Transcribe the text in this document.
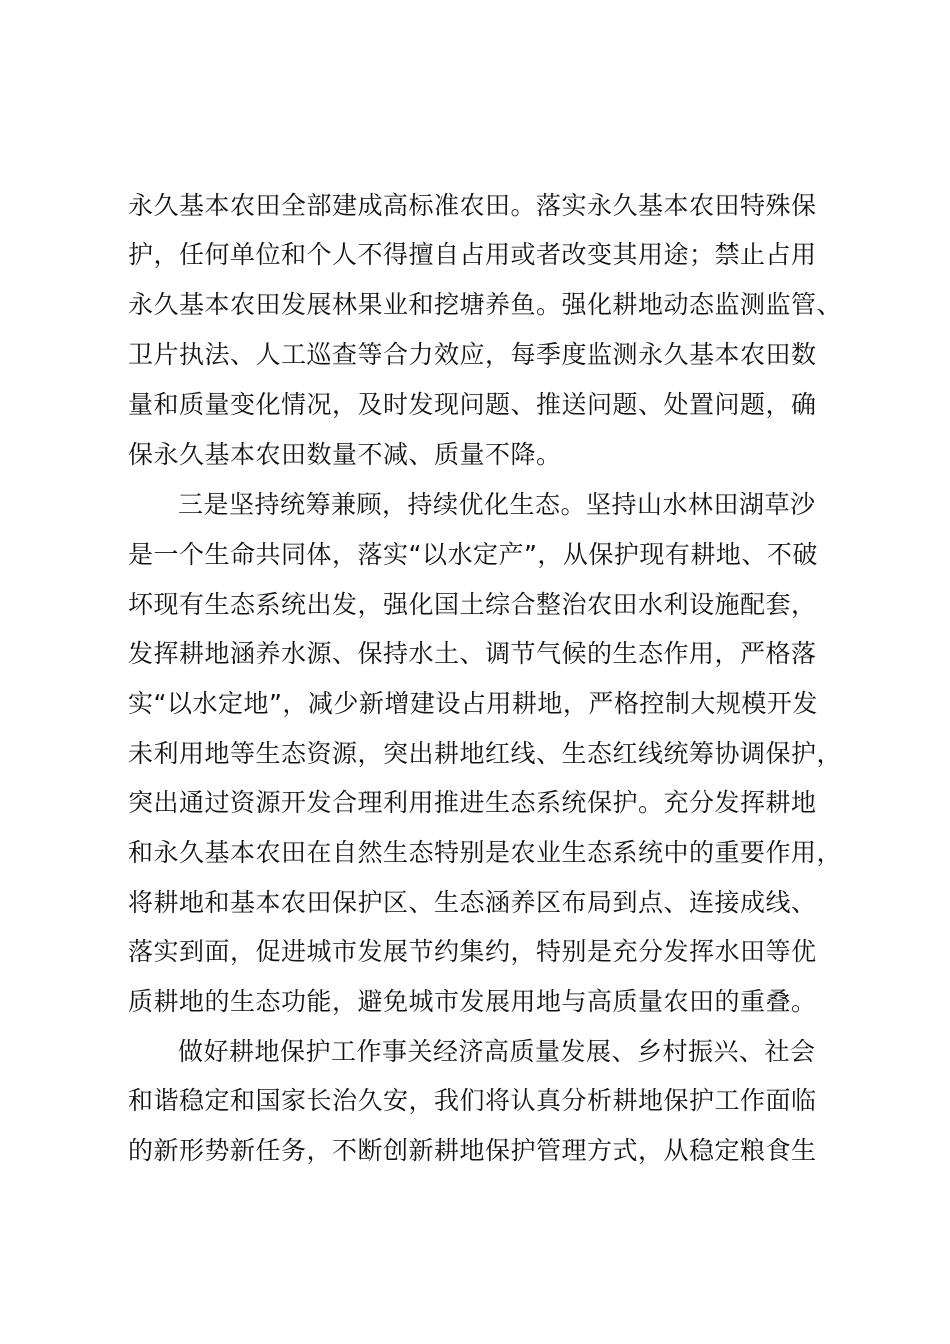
永久基本农田全部建成高标准农田。落实永久基本农田特殊保
护，任何单位和个人不得擅自占用或者改变其用途；禁止占用
永久基本农田发展林果业和挖塘养鱼。强化耕地动态监测监管、
卫片执法、人工巡查等合力效应，每季度监测永久基本农田数
量和质量变化情况，及时发现问题、推送问题、处置问题，确
保永久基本农田数量不减、质量不降。
三是坚持统筹兼顾，持续优化生态。坚持山水林田湖草沙
是一个生命共同体，落实“以水定产”，从保护现有耕地、不破
坏现有生态系统出发，强化国土综合整治农田水利设施配套，
发挥耕地涵养水源、保持水土、调节气候的生态作用，严格落
实“以水定地”，减少新增建设占用耕地，严格控制大规模开发
未利用地等生态资源，突出耕地红线、生态红线统筹协调保护，
突出通过资源开发合理利用推进生态系统保护。充分发挥耕地
和永久基本农田在自然生态特别是农业生态系统中的重要作用，
将耕地和基本农田保护区、生态涵养区布局到点、连接成线、
落实到面，促进城市发展节约集约，特别是充分发挥水田等优
质耕地的生态功能，避免城市发展用地与高质量农田的重叠。
做好耕地保护工作事关经济高质量发展、乡村振兴、社会
和谐稳定和国家长治久安，我们将认真分析耕地保护工作面临
的新形势新任务，不断创新耕地保护管理方式，从稳定粮食生
